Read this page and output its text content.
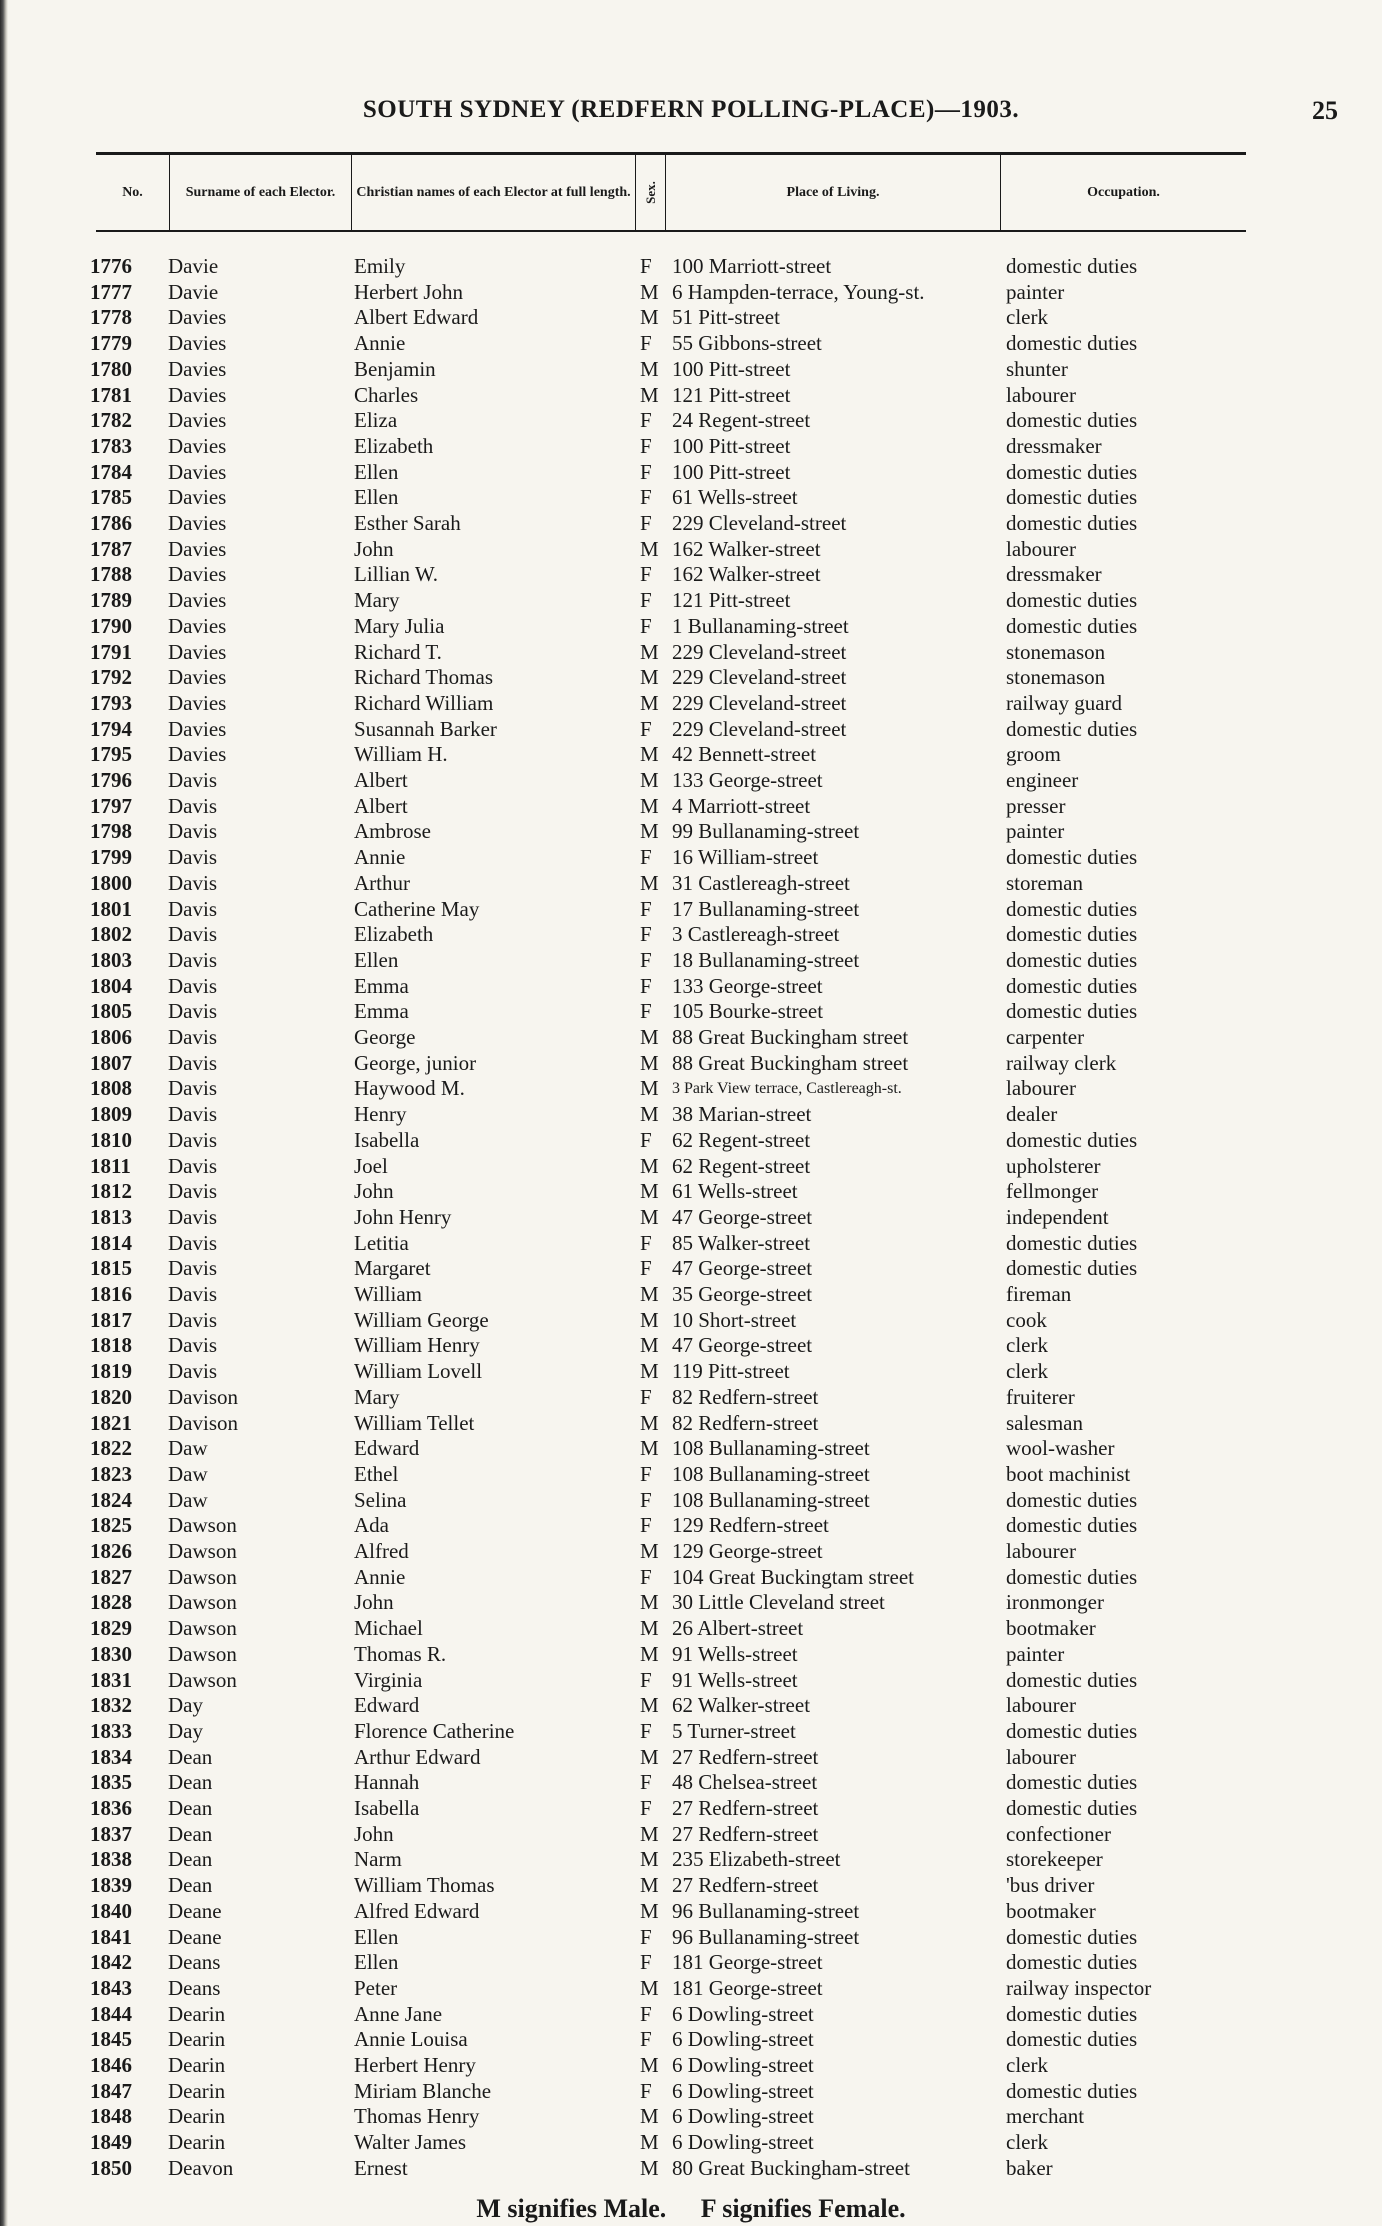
SOUTH SYDNEY (REDFERN POLLING-PLACE)—1903.	25
No.	Surname of each Elector.	Christian names of each Elector at full length. Sex.	Place of Living.	Occupation.
1776 Davie	Emily	F 100 Marriott-street	domestic duties
1777 Davie	Herbert John	M 6 Hampden-terrace, Young-st.	painter
1778 Davies	Albert Edward	M 51 Pitt-street	clerk
1779 Davies	Annie	F 55 Gibbons-street	domestic duties
1780 Davies	Benjamin	M 100 Pitt-street	shunter
1781 Davies	Charles	M 121 Pitt-street	labourer
1782 Davies	Eliza	F 24 Regent-street	domestic duties
1783 Davies	Elizabeth	F 100 Pitt-street	dressmaker
1784 Davies	Ellen	F 100 Pitt-street	domestic duties
1785 Davies	Ellen	F 61 Wells-street	domestic duties
1786 Davies	Esther Sarah	F 229 Cleveland-street	domestic duties
1787 Davies	John	M 162 Walker-street	labourer
1788 Davies	Lillian W.	F 162 Walker-street	dressmaker
1789 Davies	Mary	F 121 Pitt-street	domestic duties
1790 Davies	Mary Julia	F 1 Bullanaming-street	domestic duties
1791 Davies	Richard T.	M 229 Cleveland-street	stonemason
1792 Davies	Richard Thomas	M 229 Cleveland-street	stonemason
1793 Davies	Richard William	M 229 Cleveland-street	railway guard
1794 Davies	Susannah Barker	F 229 Cleveland-street	domestic duties
1795 Davies	William H.	M 42 Bennett-street	groom
1796 Davis	Albert	M 133 George-street	engineer
1797 Davis	Albert	M 4 Marriott-street	presser
1798 Davis	Ambrose	M 99 Bullanaming-street	painter
1799 Davis	Annie	F 16 William-street	domestic duties
1800 Davis	Arthur	M 31 Castlereagh-street	storeman
1801 Davis	Catherine May	F 17 Bullanaming-street	domestic duties
1802 Davis	Elizabeth	F 3 Castlereagh-street	domestic duties
1803 Davis	Ellen	F 18 Bullanaming-street	domestic duties
1804 Davis	Emma	F 133 George-street	domestic duties
1805 Davis	Emma	F 105 Bourke-street	domestic duties
1806 Davis	George	M 88 Great Buckingham street	carpenter
1807 Davis	George, junior	M 88 Great Buckingham street	railway clerk
1808 Davis	Haywood M.	M 3 Park View terrace, Castlereagh-st.	labourer
1809 Davis	Henry	M 38 Marian-street	dealer
1810 Davis	Isabella	F 62 Regent-street	domestic duties
1811 Davis	Joel	M 62 Regent-street	upholsterer
1812 Davis	John	M 61 Wells-street	fellmonger
1813 Davis	John Henry	M 47 George-street	independent
1814 Davis	Letitia	F 85 Walker-street	domestic duties
1815 Davis	Margaret	F 47 George-street	domestic duties
1816 Davis	William	M 35 George-street	fireman
1817 Davis	William George	M 10 Short-street	cook
1818 Davis	William Henry	M 47 George-street	clerk
1819 Davis	William Lovell	M 119 Pitt-street	clerk
1820 Davison	Mary	F 82 Redfern-street	fruiterer
1821 Davison	William Tellet	M 82 Redfern-street	salesman
1822 Daw	Edward	M 108 Bullanaming-street	wool-washer
1823 Daw	Ethel	F 108 Bullanaming-street	boot machinist
1824 Daw	Selina	F 108 Bullanaming-street	domestic duties
1825 Dawson	Ada	F 129 Redfern-street	domestic duties
1826 Dawson	Alfred	M 129 George-street	labourer
1827 Dawson	Annie	F 104 Great Buckingtam street	domestic duties
1828 Dawson	John	M 30 Little Cleveland street	ironmonger
1829 Dawson	Michael	M 26 Albert-street	bootmaker
1830 Dawson	Thomas R.	M 91 Wells-street	painter
1831 Dawson	Virginia	F 91 Wells-street	domestic duties
1832 Day	Edward	M 62 Walker-street	labourer
1833 Day	Florence Catherine	F 5 Turner-street	domestic duties
1834 Dean	Arthur Edward	M 27 Redfern-street	labourer
1835 Dean	Hannah	F 48 Chelsea-street	domestic duties
1836 Dean	Isabella	F 27 Redfern-street	domestic duties
1837 Dean	John	M 27 Redfern-street	confectioner
1838 Dean	Narm	M 235 Elizabeth-street	storekeeper
1839 Dean	William Thomas	M 27 Redfern-street	'bus driver
1840 Deane	Alfred Edward	M 96 Bullanaming-street	bootmaker
1841 Deane	Ellen	F 96 Bullanaming-street	domestic duties
1842 Deans	Ellen	F 181 George-street	domestic duties
1843 Deans	Peter	M 181 George-street	railway inspector
1844 Dearin	Anne Jane	F 6 Dowling-street	domestic duties
1845 Dearin	Annie Louisa	F 6 Dowling-street	domestic duties
1846 Dearin	Herbert Henry	M 6 Dowling-street	clerk
1847 Dearin	Miriam Blanche	F 6 Dowling-street	domestic duties
1848 Dearin	Thomas Henry	M 6 Dowling-street	merchant
1849 Dearin	Walter James	M 6 Dowling-street	clerk
1850 Deavon	Ernest	M 80 Great Buckingham-street	baker
M signifies Male. F signifies Female.
